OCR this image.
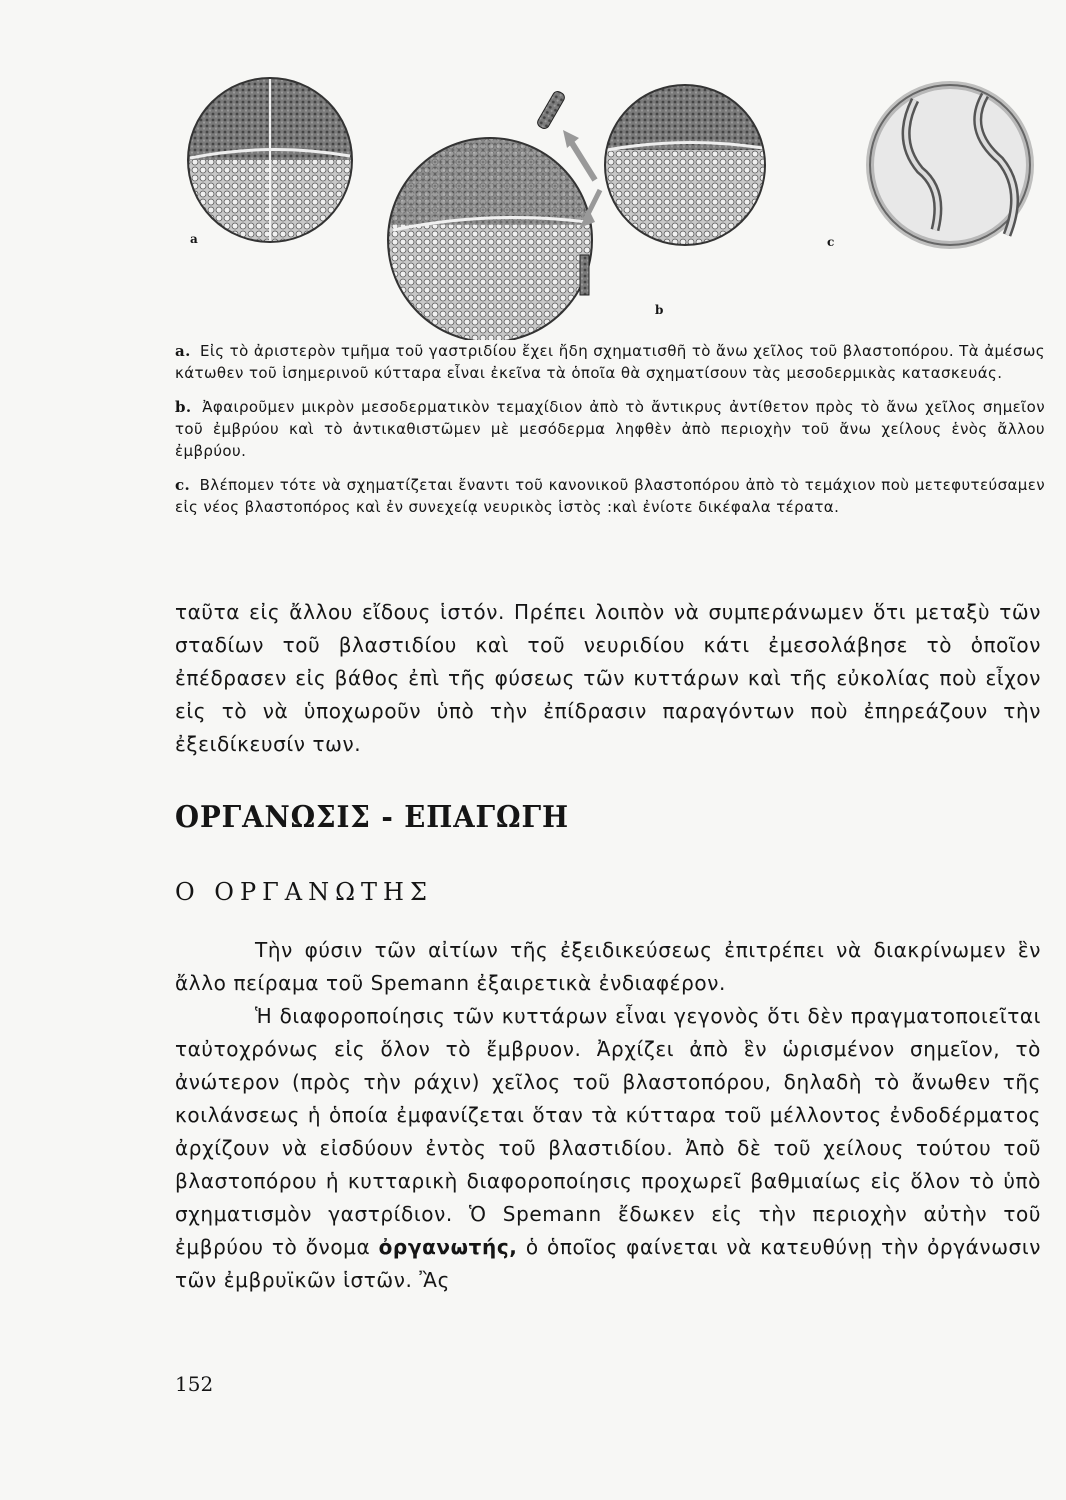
a
b
c

a. Εἰς τὸ ἀριστερὸν τμῆμα τοῦ γαστριδίου ἔχει ἤδη σχηματισθῆ τὸ ἄνω χεῖλος τοῦ βλαστοπόρου. Τὰ ἀμέσως κάτωθεν τοῦ ἰσημερινοῦ κύτταρα εἶναι ἐκεῖνα τὰ ὁποῖα θὰ σχηματίσουν τὰς μεσοδερμικὰς κατασκευάς.

b. Ἀφαιροῦμεν μικρὸν μεσοδερματικὸν τεμαχίδιον ἀπὸ τὸ ἄντικρυς ἀντίθετον πρὸς τὸ ἄνω χεῖλος σημεῖον τοῦ ἐμβρύου καὶ τὸ ἀντικαθιστῶμεν μὲ μεσόδερμα ληφθὲν ἀπὸ περιοχὴν τοῦ ἄνω χείλους ἑνὸς ἄλλου ἐμβρύου.

c. Βλέπομεν τότε νὰ σχηματίζεται ἔναντι τοῦ κανονικοῦ βλαστοπόρου ἀπὸ τὸ τεμάχιον ποὺ μετεφυτεύσαμεν εἰς νέος βλαστοπόρος καὶ ἐν συνεχείᾳ νευρικὸς ἱστὸς :καὶ ἐνίοτε δικέφαλα τέρατα.

ταῦτα εἰς ἄλλου εἴδους ἱστόν. Πρέπει λοιπὸν νὰ συμπεράνωμεν ὅτι μεταξὺ τῶν σταδίων τοῦ βλαστιδίου καὶ τοῦ νευριδίου κάτι ἐμεσολάβησε τὸ ὁποῖον ἐπέδρασεν εἰς βάθος ἐπὶ τῆς φύσεως τῶν κυττάρων καὶ τῆς εὐκολίας ποὺ εἶχον εἰς τὸ νὰ ὑποχωροῦν ὑπὸ τὴν ἐπίδρασιν παραγόντων ποὺ ἐπηρεάζουν τὴν ἐξειδίκευσίν των.

ΟΡΓΑΝΩΣΙΣ - ΕΠΑΓΩΓΗ
Ο ΟΡΓΑΝΩΤΗΣ

Τὴν φύσιν τῶν αἰτίων τῆς ἐξειδικεύσεως ἐπιτρέπει νὰ διακρίνωμεν ἓν ἄλλο πείραμα τοῦ Spemann ἐξαιρετικὰ ἐνδιαφέρον.

Ἡ διαφοροποίησις τῶν κυττάρων εἶναι γεγονὸς ὅτι δὲν πραγματοποιεῖται ταὐτοχρόνως εἰς ὅλον τὸ ἔμβρυον. Ἀρχίζει ἀπὸ ἓν ὡρισμένον σημεῖον, τὸ ἀνώτερον (πρὸς τὴν ράχιν) χεῖλος τοῦ βλαστοπόρου, δηλαδὴ τὸ ἄνωθεν τῆς κοιλάνσεως ἡ ὁποία ἐμφανίζεται ὅταν τὰ κύτταρα τοῦ μέλλοντος ἐνδοδέρματος ἀρχίζουν νὰ εἰσδύουν ἐντὸς τοῦ βλαστιδίου. Ἀπὸ δὲ τοῦ χείλους τούτου τοῦ βλαστοπόρου ἡ κυτταρικὴ διαφοροποίησις προχωρεῖ βαθμιαίως εἰς ὅλον τὸ ὑπὸ σχηματισμὸν γαστρίδιον. Ὁ Spemann ἔδωκεν εἰς τὴν περιοχὴν αὐτὴν τοῦ ἐμβρύου τὸ ὄνομα ὀργανωτής, ὁ ὁποῖος φαίνεται νὰ κατευθύνῃ τὴν ὀργάνωσιν τῶν ἐμβρυϊκῶν ἱστῶν. Ἂς

152
